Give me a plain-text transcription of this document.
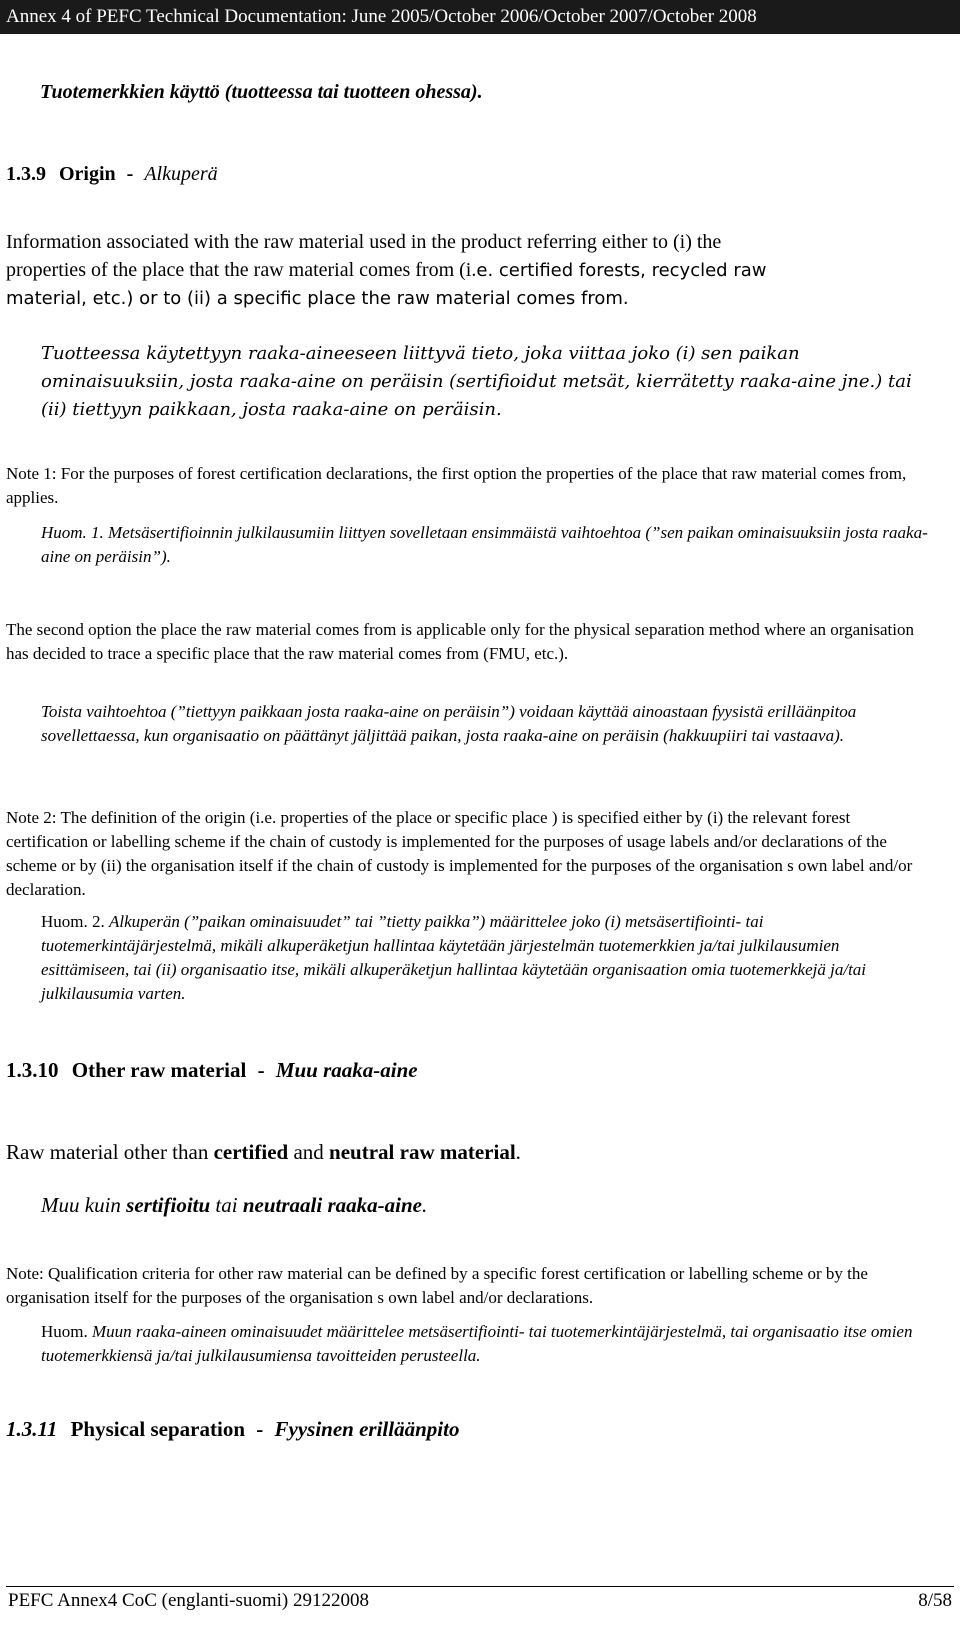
Annex 4 of PEFC Technical Documentation: June 2005/October 2006/October 2007/October 2008

Tuotemerkkien käyttö (tuotteessa tai tuotteen ohessa).

1.3.9 Origin - Alkuperä

Information associated with the raw material used in the product referring either to (i) the

properties of the place that the raw material comes from (i.e. certified forests, recycled raw

material, etc.) or to (ii) a specific place the raw material comes from.

Tuotteessa käytettyyn raaka-aineeseen liittyvä tieto, joka viittaa joko (i) sen paikan ominaisuuksiin, josta raaka-aine on peräisin (sertifioidut metsät, kierrätetty raaka-aine jne.) tai (ii) tiettyyn paikkaan, josta raaka-aine on peräisin.

Note 1: For the purposes of forest certification declarations, the first option the properties of the place that raw material comes from, applies.

Huom. 1. Metsäsertifioinnin julkilausumiin liittyen sovelletaan ensimmäistä vaihtoehtoa (”sen paikan ominaisuuksiin josta raaka-aine on peräisin”).

The second option the place the raw material comes from is applicable only for the physical separation method where an organisation has decided to trace a specific place that the raw material comes from (FMU, etc.).

Toista vaihtoehtoa (”tiettyyn paikkaan josta raaka-aine on peräisin”) voidaan käyttää ainoastaan fyysistä erilläänpitoa sovellettaessa, kun organisaatio on päättänyt jäljittää paikan, josta raaka-aine on peräisin (hakkuupiiri tai vastaava).

Note 2: The definition of the origin (i.e. properties of the place or specific place ) is specified either by (i) the relevant forest certification or labelling scheme if the chain of custody is implemented for the purposes of usage labels and/or declarations of the scheme or by (ii) the organisation itself if the chain of custody is implemented for the purposes of the organisation s own label and/or declaration.

Huom. 2. Alkuperän (”paikan ominaisuudet” tai ”tietty paikka”) määrittelee joko (i) metsäsertifiointi- tai tuotemerkintäjärjestelmä, mikäli alkuperäketjun hallintaa käytetään järjestelmän tuotemerkkien ja/tai julkilausumien esittämiseen, tai (ii) organisaatio itse, mikäli alkuperäketjun hallintaa käytetään organisaation omia tuotemerkkejä ja/tai julkilausumia varten.

1.3.10 Other raw material - Muu raaka-aine

Raw material other than certified and neutral raw material.

Muu kuin sertifioitu tai neutraali raaka-aine.

Note: Qualification criteria for other raw material can be defined by a specific forest certification or labelling scheme or by the organisation itself for the purposes of the organisation s own label and/or declarations.

Huom. Muun raaka-aineen ominaisuudet määrittelee metsäsertifiointi- tai tuotemerkintäjärjestelmä, tai organisaatio itse omien tuotemerkkiensä ja/tai julkilausumiensa tavoitteiden perusteella.

1.3.11 Physical separation - Fyysinen erilläänpito

PEFC Annex4 CoC (englanti-suomi) 29122008	8/58
